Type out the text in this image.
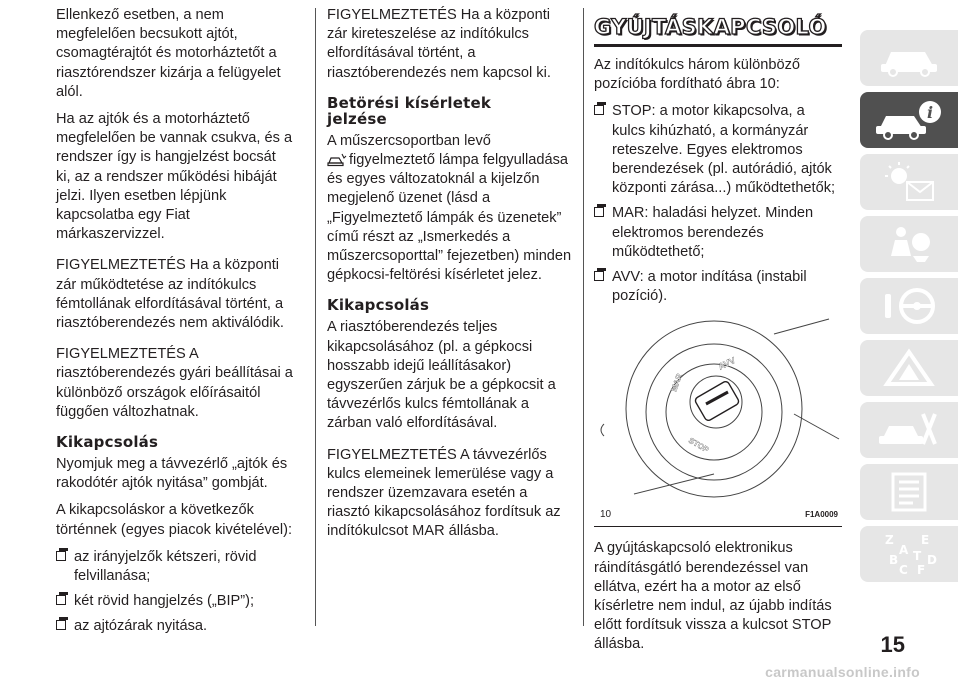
Ellenkező esetben, a nem megfelelően becsukott ajtót, csomagtérajtót és motorháztetőt a riasztórendszer kizárja a felügyelet alól.

Ha az ajtók és a motorháztető megfelelően be vannak csukva, és a rendszer így is hangjelzést bocsát ki, az a rendszer működési hibáját jelzi. Ilyen esetben lépjünk kapcsolatba egy Fiat márkaszervizzel.

FIGYELMEZTETÉS Ha a központi zár működtetése az indítókulcs fémtollának elfordításával történt, a riasztóberendezés nem aktiválódik.

FIGYELMEZTETÉS A riasztóberendezés gyári beállításai a különböző országok előírásaitól függően változhatnak.

Kikapcsolás

Nyomjuk meg a távvezérlő „ajtók és rakodótér ajtók nyitása” gombját.

A kikapcsoláskor a következők történnek (egyes piacok kivételével):

az irányjelzők kétszeri, rövid felvillanása;
két rövid hangjelzés („BIP”);
az ajtózárak nyitása.

FIGYELMEZTETÉS Ha a központi zár kireteszelése az indítókulcs elfordításával történt, a riasztóberendezés nem kapcsol ki.

Betörési kísérletek jelzése

A műszercsoportban levő
figyelmeztető lámpa felgyulladása és egyes változatoknál a kijelzőn megjelenő üzenet (lásd a „Figyelmeztető lámpák és üzenetek” című részt az „Ismerkedés a műszercsoporttal” fejezetben) minden gépkocsi-feltörési kísérletet jelez.

Kikapcsolás

A riasztóberendezés teljes kikapcsolásához (pl. a gépkocsi hosszabb idejű leállításakor) egyszerűen zárjuk be a gépkocsit a távvezérlős kulcs fémtollának a zárban való elfordításával.

FIGYELMEZTETÉS A távvezérlős kulcs elemeinek lemerülése vagy a rendszer üzemzavara esetén a riasztó kikapcsolásához fordítsuk az indítókulcsot MAR állásba.

GYÚJTÁSKAPCSOLÓ

Az indítókulcs három különböző pozícióba fordítható ábra 10:

STOP: a motor kikapcsolva, a kulcs kihúzható, a kormányzár reteszelve. Egyes elektromos berendezések (pl. autórádió, ajtók központi zárása...) működtethetők;
MAR: haladási helyzet. Minden elektromos berendezés működtethető;
AVV: a motor indítása (instabil pozíció).
AVV
MAR
STOP
10	F1A0009

A gyújtáskapcsoló elektronikus ráindításgátló berendezéssel van ellátva, ezért ha a motor az első kísérletre nem indul, az újabb indítás előtt fordítsuk vissza a kulcsot STOP állásba.

i
Z E
A
B T D
C F
15
carmanualsonline.info
